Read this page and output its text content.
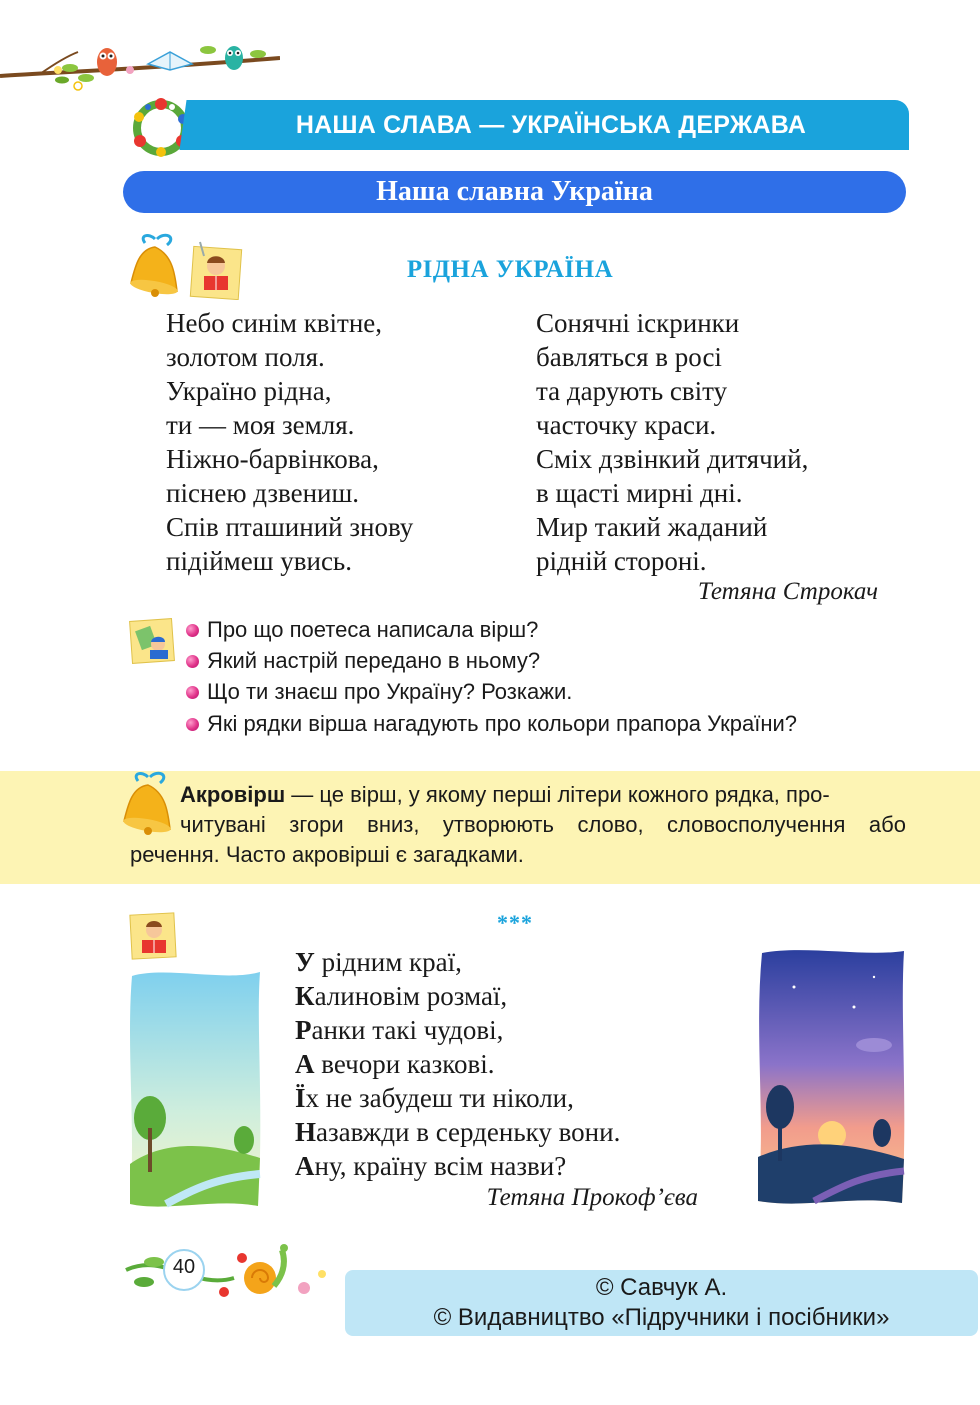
НАША СЛАВА — УКРАЇНСЬКА ДЕРЖАВА
Наша славна Україна
РІДНА УКРАЇНА
Небо синім квітне,
золотом поля.
Україно рідна,
ти — моя земля.
Ніжно-барвінкова,
піснею дзвениш.
Спів пташиний знову
підіймеш увись.
Сонячні іскринки
бавляться в росі
та дарують світу
часточку краси.
Сміх дзвінкий дитячий,
в щасті мирні дні.
Мир такий жаданий
рідній стороні.
Тетяна Строкач
Про що поетеса написала вірш?
Який настрій передано в ньому?
Що ти знаєш про Україну? Розкажи.
Які рядки вірша нагадують про кольори прапора України?
Акровірш — це вірш, у якому перші літери кожного рядка, про-
читувані згори вниз, утворюють слово, словосполучення або
речення. Часто акровірші є загадками.
***
У рідним краї,
Калиновім розмаї,
Ранки такі чудові,
А вечори казкові.
Їх не забудеш ти ніколи,
Назавжди в серденьку вони.
Ану, країну всім назви?
Тетяна Прокоф’єва
40
© Савчук А.
© Видавництво «Підручники і посібники»
